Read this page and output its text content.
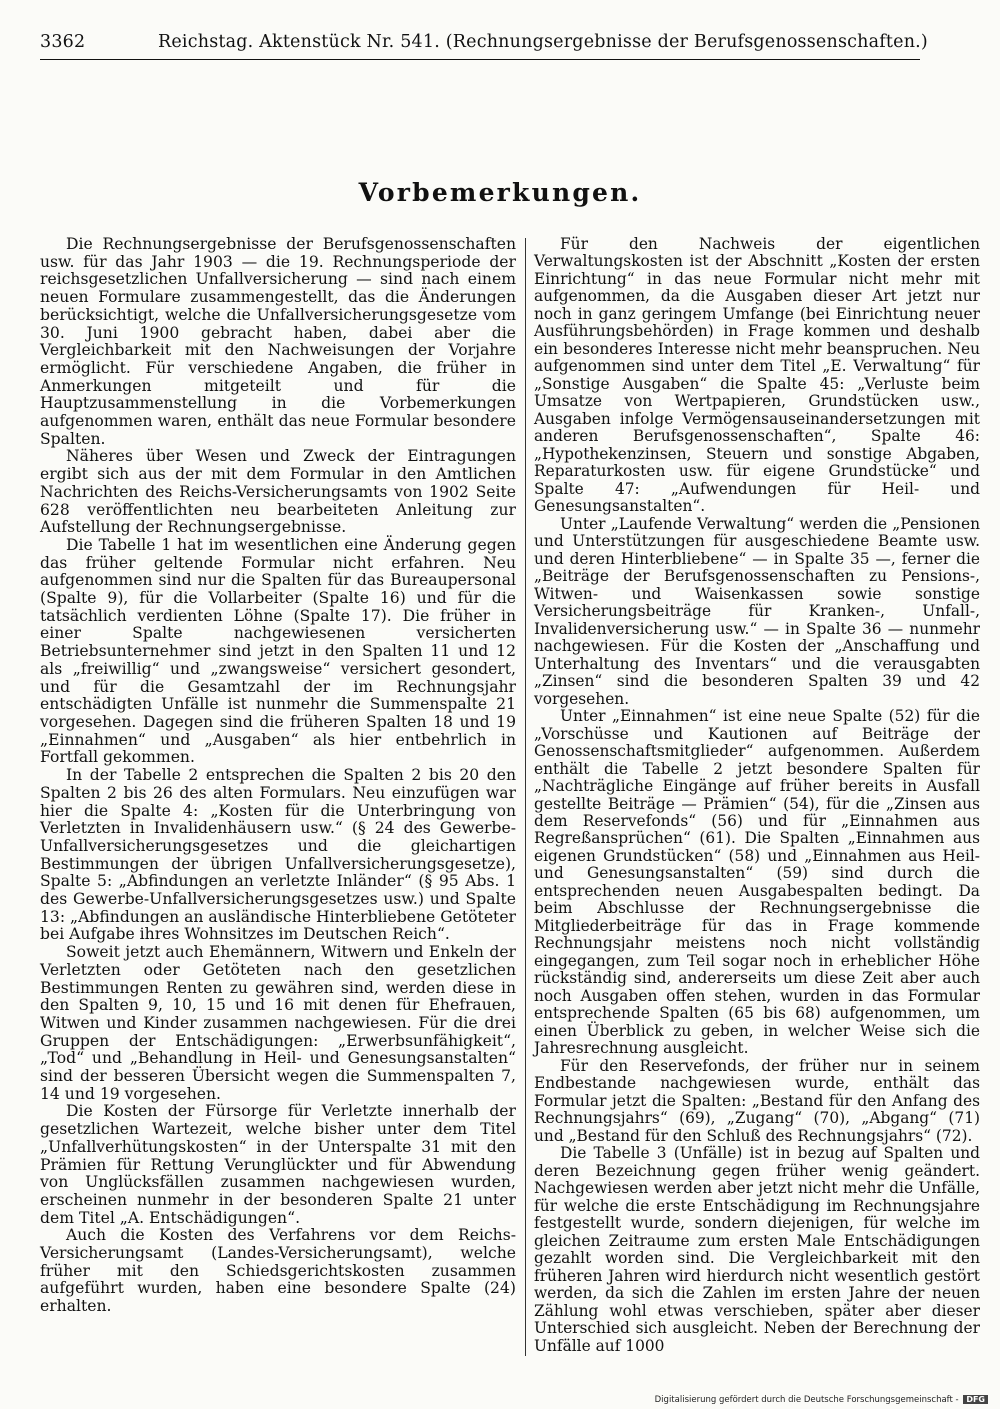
3362	Reichstag. Aktenstück Nr. 541. (Rechnungsergebnisse der Berufsgenossenschaften.)
Vorbemerkungen.

Die Rechnungsergebnisse der Berufsgenossenschaften usw. für das Jahr 1903 — die 19. Rechnungsperiode der reichsgesetzlichen Unfallversicherung — sind nach einem neuen Formulare zusammengestellt, das die Änderungen berücksichtigt, welche die Unfallversicherungsgesetze vom 30. Juni 1900 gebracht haben, dabei aber die Vergleichbarkeit mit den Nachweisungen der Vorjahre ermöglicht. Für verschiedene Angaben, die früher in Anmerkungen mitgeteilt und für die Hauptzusammenstellung in die Vorbemerkungen aufgenommen waren, enthält das neue Formular besondere Spalten.

Näheres über Wesen und Zweck der Eintragungen ergibt sich aus der mit dem Formular in den Amtlichen Nachrichten des Reichs-Versicherungsamts von 1902 Seite 628 veröffentlichten neu bearbeiteten Anleitung zur Aufstellung der Rechnungsergebnisse.

Die Tabelle 1 hat im wesentlichen eine Änderung gegen das früher geltende Formular nicht erfahren. Neu aufgenommen sind nur die Spalten für das Bureaupersonal (Spalte 9), für die Vollarbeiter (Spalte 16) und für die tatsächlich verdienten Löhne (Spalte 17). Die früher in einer Spalte nachgewiesenen versicherten Betriebsunternehmer sind jetzt in den Spalten 11 und 12 als „freiwillig“ und „zwangsweise“ versichert gesondert, und für die Gesamtzahl der im Rechnungsjahr entschädigten Unfälle ist nunmehr die Summenspalte 21 vorgesehen. Dagegen sind die früheren Spalten 18 und 19 „Einnahmen“ und „Ausgaben“ als hier entbehrlich in Fortfall gekommen.

In der Tabelle 2 entsprechen die Spalten 2 bis 20 den Spalten 2 bis 26 des alten Formulars. Neu einzufügen war hier die Spalte 4: „Kosten für die Unterbringung von Verletzten in Invalidenhäusern usw.“ (§ 24 des Gewerbe-Unfallversicherungsgesetzes und die gleichartigen Bestimmungen der übrigen Unfallversicherungsgesetze), Spalte 5: „Abfindungen an verletzte Inländer“ (§ 95 Abs. 1 des Gewerbe-Unfallversicherungsgesetzes usw.) und Spalte 13: „Abfindungen an ausländische Hinterbliebene Getöteter bei Aufgabe ihres Wohnsitzes im Deutschen Reich“.

Soweit jetzt auch Ehemännern, Witwern und Enkeln der Verletzten oder Getöteten nach den gesetzlichen Bestimmungen Renten zu gewähren sind, werden diese in den Spalten 9, 10, 15 und 16 mit denen für Ehefrauen, Witwen und Kinder zusammen nachgewiesen. Für die drei Gruppen der Entschädigungen: „Erwerbsunfähigkeit“, „Tod“ und „Behandlung in Heil- und Genesungsanstalten“ sind der besseren Übersicht wegen die Summenspalten 7, 14 und 19 vorgesehen.

Die Kosten der Fürsorge für Verletzte innerhalb der gesetzlichen Wartezeit, welche bisher unter dem Titel „Unfallverhütungskosten“ in der Unterspalte 31 mit den Prämien für Rettung Verunglückter und für Abwendung von Unglücksfällen zusammen nachgewiesen wurden, erscheinen nunmehr in der besonderen Spalte 21 unter dem Titel „A. Entschädigungen“.

Auch die Kosten des Verfahrens vor dem Reichs-Versicherungsamt (Landes-Versicherungsamt), welche früher mit den Schiedsgerichtskosten zusammen aufgeführt wurden, haben eine besondere Spalte (24) erhalten.

Für den Nachweis der eigentlichen Verwaltungskosten ist der Abschnitt „Kosten der ersten Einrichtung“ in das neue Formular nicht mehr mit aufgenommen, da die Ausgaben dieser Art jetzt nur noch in ganz geringem Umfange (bei Einrichtung neuer Ausführungsbehörden) in Frage kommen und deshalb ein besonderes Interesse nicht mehr beanspruchen. Neu aufgenommen sind unter dem Titel „E. Verwaltung“ für „Sonstige Ausgaben“ die Spalte 45: „Verluste beim Umsatze von Wertpapieren, Grundstücken usw., Ausgaben infolge Vermögensauseinandersetzungen mit anderen Berufsgenossenschaften“, Spalte 46: „Hypothekenzinsen, Steuern und sonstige Abgaben, Reparaturkosten usw. für eigene Grundstücke“ und Spalte 47: „Aufwendungen für Heil- und Genesungsanstalten“.

Unter „Laufende Verwaltung“ werden die „Pensionen und Unterstützungen für ausgeschiedene Beamte usw. und deren Hinterbliebene“ — in Spalte 35 —, ferner die „Beiträge der Berufsgenossenschaften zu Pensions-, Witwen- und Waisenkassen sowie sonstige Versicherungsbeiträge für Kranken-, Unfall-, Invalidenversicherung usw.“ — in Spalte 36 — nunmehr nachgewiesen. Für die Kosten der „Anschaffung und Unterhaltung des Inventars“ und die verausgabten „Zinsen“ sind die besonderen Spalten 39 und 42 vorgesehen.

Unter „Einnahmen“ ist eine neue Spalte (52) für die „Vorschüsse und Kautionen auf Beiträge der Genossenschaftsmitglieder“ aufgenommen. Außerdem enthält die Tabelle 2 jetzt besondere Spalten für „Nachträgliche Eingänge auf früher bereits in Ausfall gestellte Beiträge — Prämien“ (54), für die „Zinsen aus dem Reservefonds“ (56) und für „Einnahmen aus Regreßansprüchen“ (61). Die Spalten „Einnahmen aus eigenen Grundstücken“ (58) und „Einnahmen aus Heil- und Genesungsanstalten“ (59) sind durch die entsprechenden neuen Ausgabespalten bedingt. Da beim Abschlusse der Rechnungsergebnisse die Mitgliederbeiträge für das in Frage kommende Rechnungsjahr meistens noch nicht vollständig eingegangen, zum Teil sogar noch in erheblicher Höhe rückständig sind, andererseits um diese Zeit aber auch noch Ausgaben offen stehen, wurden in das Formular entsprechende Spalten (65 bis 68) aufgenommen, um einen Überblick zu geben, in welcher Weise sich die Jahresrechnung ausgleicht.

Für den Reservefonds, der früher nur in seinem Endbestande nachgewiesen wurde, enthält das Formular jetzt die Spalten: „Bestand für den Anfang des Rechnungsjahrs“ (69), „Zugang“ (70), „Abgang“ (71) und „Bestand für den Schluß des Rechnungsjahrs“ (72).

Die Tabelle 3 (Unfälle) ist in bezug auf Spalten und deren Bezeichnung gegen früher wenig geändert. Nachgewiesen werden aber jetzt nicht mehr die Unfälle, für welche die erste Entschädigung im Rechnungsjahre festgestellt wurde, sondern diejenigen, für welche im gleichen Zeitraume zum ersten Male Entschädigungen gezahlt worden sind. Die Vergleichbarkeit mit den früheren Jahren wird hierdurch nicht wesentlich gestört werden, da sich die Zahlen im ersten Jahre der neuen Zählung wohl etwas verschieben, später aber dieser Unterschied sich ausgleicht. Neben der Berechnung der Unfälle auf 1000

Digitalisierung gefördert durch die Deutsche Forschungsgemeinschaft - DFG
